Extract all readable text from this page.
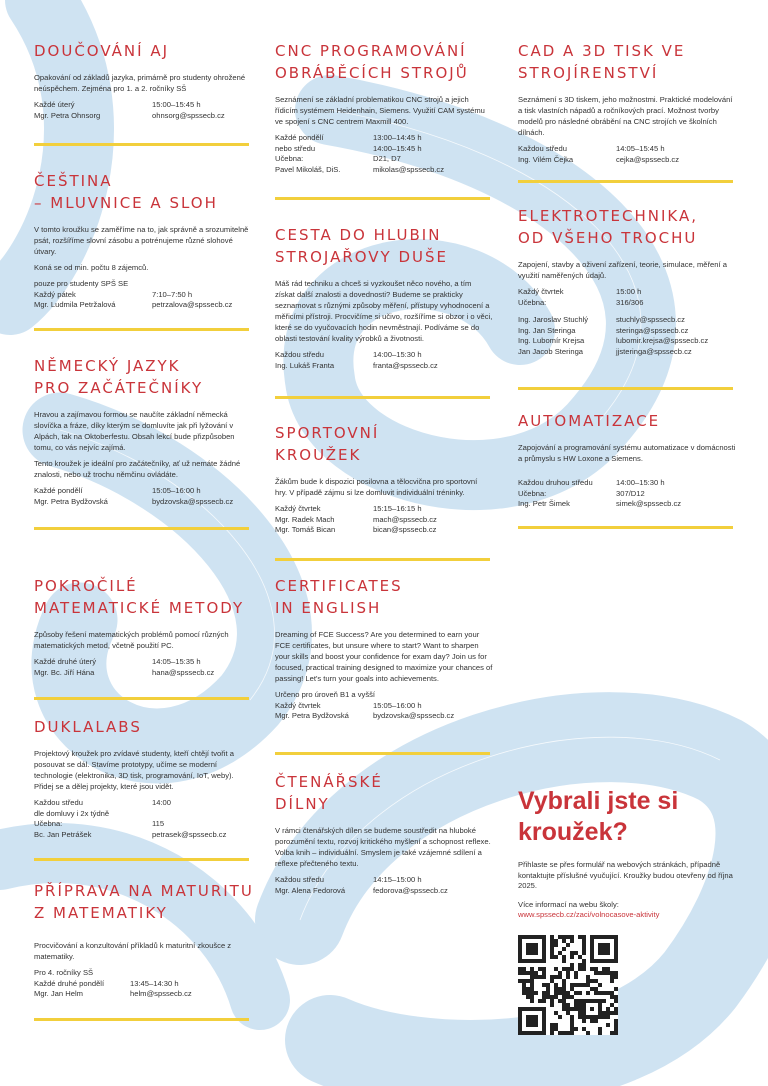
DOUČOVÁNÍ AJ

Opakování od základů jazyka, primárně pro studenty ohrožené neúspěchem. Zejména pro 1. a 2. ročníky SŠ

Každé úterý	15:00–15:45 h
Mgr. Petra Ohnsorg	ohnsorg@spssecb.cz
ČEŠTINA
– MLUVNICE A SLOH

V tomto kroužku se zaměříme na to, jak správně a srozumitelně psát, rozšíříme slovní zásobu a potrénujeme různé slohové útvary.

Koná se od min. počtu 8 zájemců.

pouze pro studenty SPŠ SE
Každý pátek	7:10–7:50 h
Mgr. Ludmila Petržalová	petrzalova@spssecb.cz
NĚMECKÝ JAZYK
PRO ZAČÁTEČNÍKY

Hravou a zajímavou formou se naučíte základní německá slovíčka a fráze, díky kterým se domluvíte jak při lyžování v Alpách, tak na Oktoberfestu. Obsah lekcí bude přizpůsoben tomu, co vás nejvíc zajímá.

Tento kroužek je ideální pro začátečníky, ať už nemáte žádné znalosti, nebo už trochu němčinu ovládáte.

Každé pondělí	15:05–16:00 h
Mgr. Petra Bydžovská	bydzovska@spssecb.cz
POKROČILÉ
MATEMATICKÉ METODY

Způsoby řešení matematických problémů pomocí různých matematických metod, včetně použití PC.

Každé druhé úterý	14:05–15:35 h
Mgr. Bc. Jiří Hána	hana@spssecb.cz
DUKLALABS

Projektový kroužek pro zvídavé studenty, kteří chtějí tvořit a posouvat se dál. Stavíme prototypy, učíme se moderní technologie (elektronika, 3D tisk, programování, IoT, weby). Přidej se a dělej projekty, které jsou vidět.

Každou středu	14:00
dle domluvy i 2x týdně
Učebna:	115
Bc. Jan Petrášek	petrasek@spssecb.cz
PŘÍPRAVA NA MATURITU
Z MATEMATIKY

Procvičování a konzultování příkladů k maturitní zkoušce z matematiky.

Pro 4. ročníky SŠ
Každé druhé pondělí	13:45–14:30 h
Mgr. Jan Helm	helm@spssecb.cz
CNC PROGRAMOVÁNÍ
OBRÁBĚCÍCH STROJŮ

Seznámení se základní problematikou CNC strojů a jejich řídicím systémem Heidenhain, Siemens. Využití CAM systému ve spojení s CNC centrem Maxmill 400.

Každé pondělí	13:00–14:45 h
nebo středu	14:00–15:45 h
Učebna:	D21, D7
Pavel Mikoláš, DiS.	mikolas@spssecb.cz
CESTA DO HLUBIN
STROJAŘOVY DUŠE

Máš rád techniku a chceš si vyzkoušet něco nového, a tím získat další znalosti a dovednosti? Budeme se prakticky seznamovat s různými způsoby měření, přístupy vyhodnocení a měřicími přístroji. Procvičíme si učivo, rozšíříme si obzor i o věci, které se do vyučovacích hodin nevměstnají. Podíváme se do oblasti testování kvality výrobků a životnosti.

Každou středu	14:00–15:30 h
Ing. Lukáš Franta	franta@spssecb.cz
SPORTOVNÍ
KROUŽEK

Žákům bude k dispozici posilovna a tělocvična pro sportovní hry. V případě zájmu si lze domluvit individuální tréninky.

Každý čtvrtek	15:15–16:15 h
Mgr. Radek Mach	mach@spssecb.cz
Mgr. Tomáš Bican	bican@spssecb.cz
CERTIFICATES
IN ENGLISH

Dreaming of FCE Success? Are you determined to earn your FCE certificates, but unsure where to start? Want to sharpen your skills and boost your confidence for exam day? Join us for focused, practical training designed to maximize your chances of passing! Let's turn your goals into achievements.

Určeno pro úroveň B1 a vyšší
Každý čtvrtek	15:05–16:00 h
Mgr. Petra Bydžovská	bydzovska@spssecb.cz
ČTENÁŘSKÉ
DÍLNY

V rámci čtenářských dílen se budeme soustředit na hluboké porozumění textu, rozvoj kritického myšlení a schopnost reflexe. Volba knih – individuální. Smyslem je také vzájemné sdílení a reflexe přečteného textu.

Každou středu	14:15–15:00 h
Mgr. Alena Fedorová	fedorova@spssecb.cz
CAD A 3D TISK VE
STROJÍRENSTVÍ

Seznámení s 3D tiskem, jeho možnostmi. Praktické modelování a tisk vlastních nápadů a ročníkových prací. Možnost tvorby modelů pro následné obrábění na CNC strojích ve školních dílnách.

Každou středu	14:05–15:45 h
Ing. Vilém Čejka	cejka@spssecb.cz
ELEKTROTECHNIKA,
OD VŠEHO TROCHU

Zapojení, stavby a oživení zařízení, teorie, simulace, měření a využití naměřených údajů.

Každý čtvrtek	15:00 h
Učebna:	316/306
Ing. Jaroslav Stuchlý	stuchly@spssecb.cz
Ing. Jan Steringa	steringa@spssecb.cz
Ing. Lubomír Krejsa	lubomir.krejsa@spssecb.cz
Jan Jacob Steringa	jjsteringa@spssecb.cz
AUTOMATIZACE

Zapojování a programování systému automatizace v domácnosti a průmyslu s HW Loxone a Siemens.

Každou druhou středu	14:00–15:30 h
Učebna:	307/D12
Ing. Petr Šimek	simek@spssecb.cz
Vybrali jste si
kroužek?

Přihlaste se přes formulář na webových stránkách, případně kontaktujte příslušné vyučující. Kroužky budou otevřeny od října 2025.

Více informací na webu školy:
www.spssecb.cz/zaci/volnocasove-aktivity
